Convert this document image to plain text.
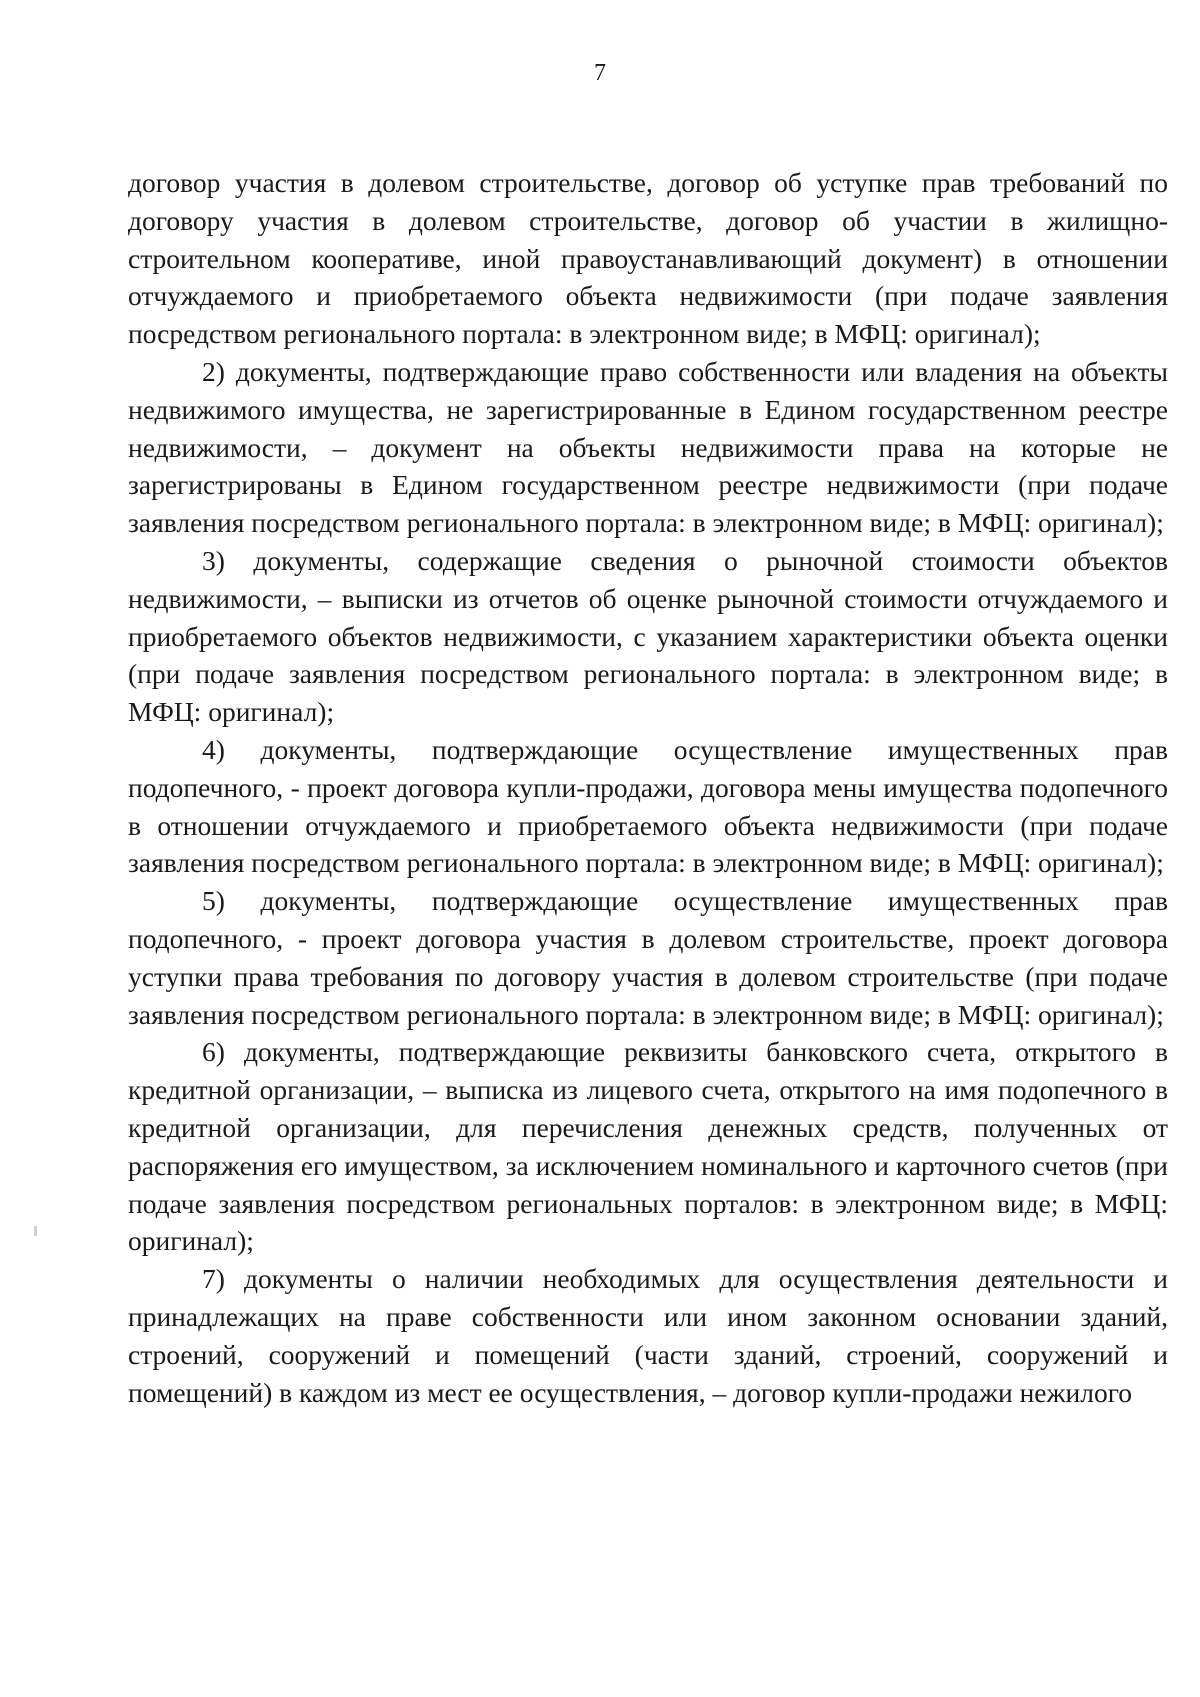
7

договор участия в долевом строительстве, договор об уступке прав требований по договору участия в долевом строительстве, договор об участии в жилищно-строительном кооперативе, иной правоустанавливающий документ) в отношении отчуждаемого и приобретаемого объекта недвижимости (при подаче заявления посредством регионального портала: в электронном виде; в МФЦ: оригинал);

2) документы, подтверждающие право собственности или владения на объекты недвижимого имущества, не зарегистрированные в Едином государственном реестре недвижимости, – документ на объекты недвижимости права на которые не зарегистрированы в Едином государственном реестре недвижимости (при подаче заявления посредством регионального портала: в электронном виде; в МФЦ: оригинал);

3) документы, содержащие сведения о рыночной стоимости объектов недвижимости, – выписки из отчетов об оценке рыночной стоимости отчуждаемого и приобретаемого объектов недвижимости, с указанием характеристики объекта оценки (при подаче заявления посредством регионального портала: в электронном виде; в МФЦ: оригинал);

4) документы, подтверждающие осуществление имущественных прав подопечного, - проект договора купли-продажи, договора мены имущества подопечного в отношении отчуждаемого и приобретаемого объекта недвижимости (при подаче заявления посредством регионального портала: в электронном виде; в МФЦ: оригинал);

5) документы, подтверждающие осуществление имущественных прав подопечного, - проект договора участия в долевом строительстве, проект договора уступки права требования по договору участия в долевом строительстве (при подаче заявления посредством регионального портала: в электронном виде; в МФЦ: оригинал);

6) документы, подтверждающие реквизиты банковского счета, открытого в кредитной организации, – выписка из лицевого счета, открытого на имя подопечного в кредитной организации, для перечисления денежных средств, полученных от распоряжения его имуществом, за исключением номинального и карточного счетов (при подаче заявления посредством региональных порталов: в электронном виде; в МФЦ: оригинал);

7) документы о наличии необходимых для осуществления деятельности и принадлежащих на праве собственности или ином законном основании зданий, строений, сооружений и помещений (части зданий, строений, сооружений и помещений) в каждом из мест ее осуществления, – договор купли-продажи нежилого
